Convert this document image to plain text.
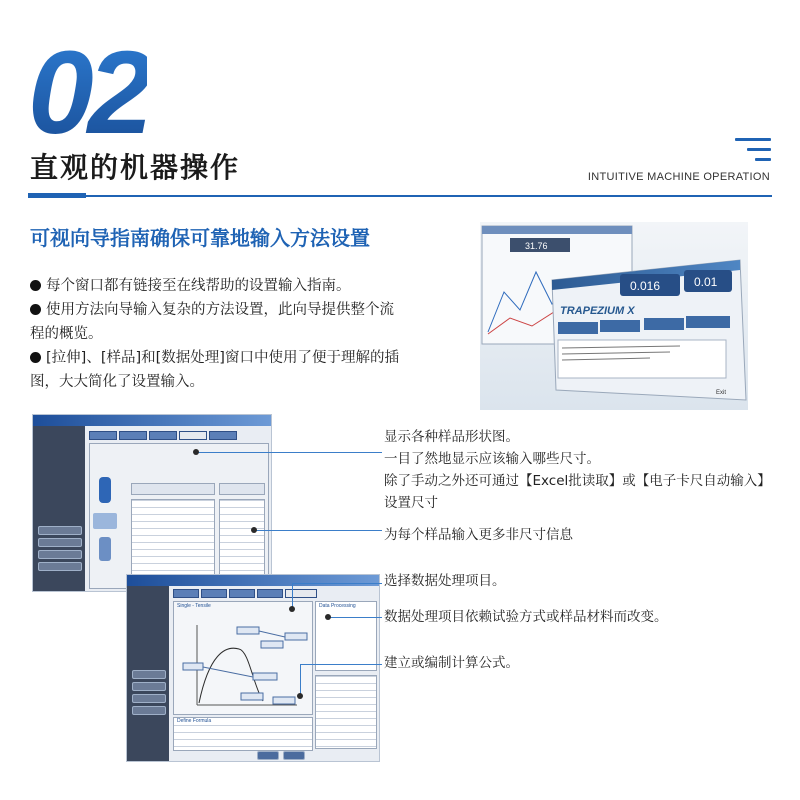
02
直观的机器操作	INTUITIVE MACHINE OPERATION
可视向导指南确保可靠地输入方法设置

每个窗口都有链接至在线帮助的设置输入指南。

使用方法向导输入复杂的方法设置，此向导提供整个流程的概览。

[拉伸]、[样品]和[数据处理]窗口中使用了便于理解的插图，大大简化了设置输入。

31.76
TRAPEZIUM X
0.016	0.01
Exit
Single - Tensile	Data Processing
Define Formula
显示各种样品形状图。
一目了然地显示应该输入哪些尺寸。
除了手动之外还可通过【Excel批读取】或【电子卡尺自动输入】设置尺寸
为每个样品输入更多非尺寸信息
选择数据处理项目。
数据处理项目依赖试验方式或样品材料而改变。
建立或编制计算公式。
